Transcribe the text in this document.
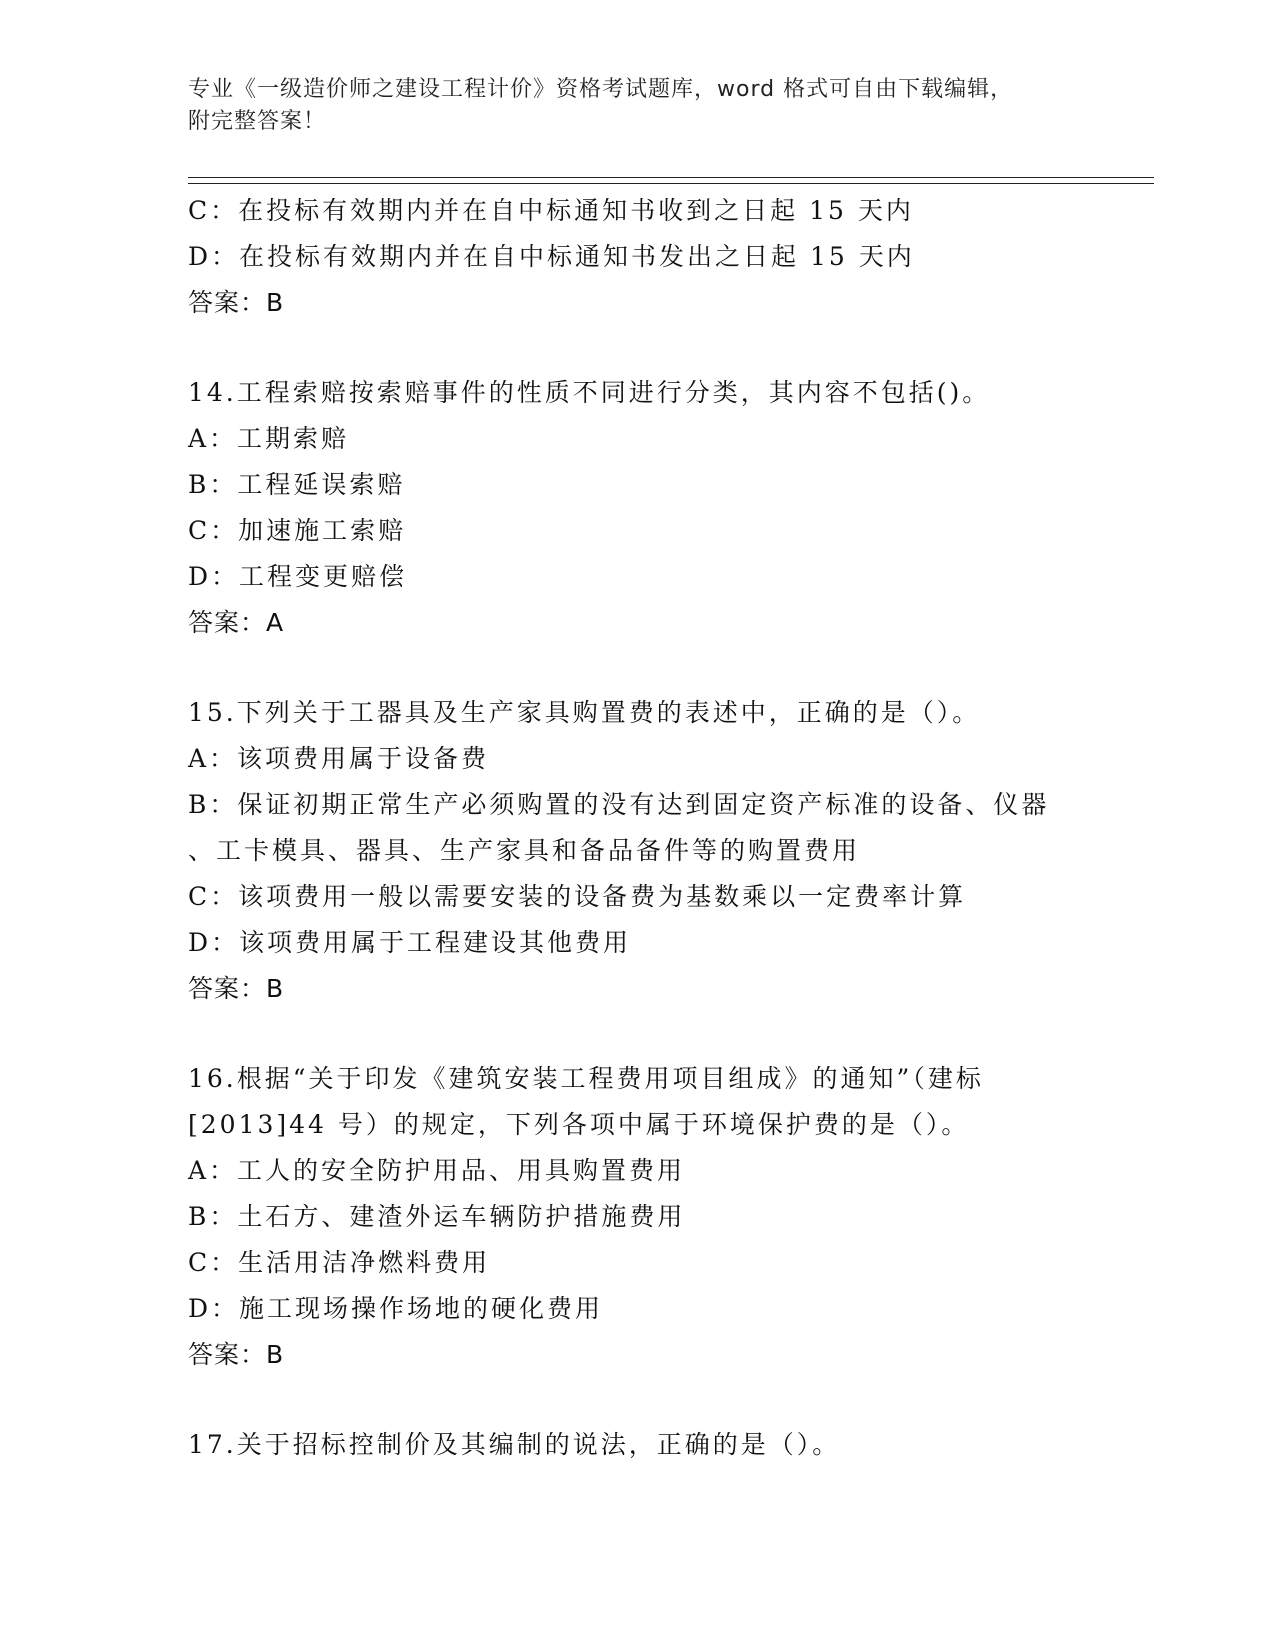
专业《一级造价师之建设工程计价》资格考试题库，word 格式可自由下载编辑，
附完整答案！
C：在投标有效期内并在自中标通知书收到之日起 15 天内
D：在投标有效期内并在自中标通知书发出之日起 15 天内
答案：B
14.工程索赔按索赔事件的性质不同进行分类，其内容不包括()。
A：工期索赔
B：工程延误索赔
C：加速施工索赔
D：工程变更赔偿
答案：A
15.下列关于工器具及生产家具购置费的表述中，正确的是（）。
A：该项费用属于设备费
B：保证初期正常生产必须购置的没有达到固定资产标准的设备、仪器
、工卡模具、器具、生产家具和备品备件等的购置费用
C：该项费用一般以需要安装的设备费为基数乘以一定费率计算
D：该项费用属于工程建设其他费用
答案：B
16.根据“关于印发《建筑安装工程费用项目组成》的通知”（建标
[2013]44 号）的规定，下列各项中属于环境保护费的是（）。
A：工人的安全防护用品、用具购置费用
B：土石方、建渣外运车辆防护措施费用
C：生活用洁净燃料费用
D：施工现场操作场地的硬化费用
答案：B
17.关于招标控制价及其编制的说法，正确的是（）。
